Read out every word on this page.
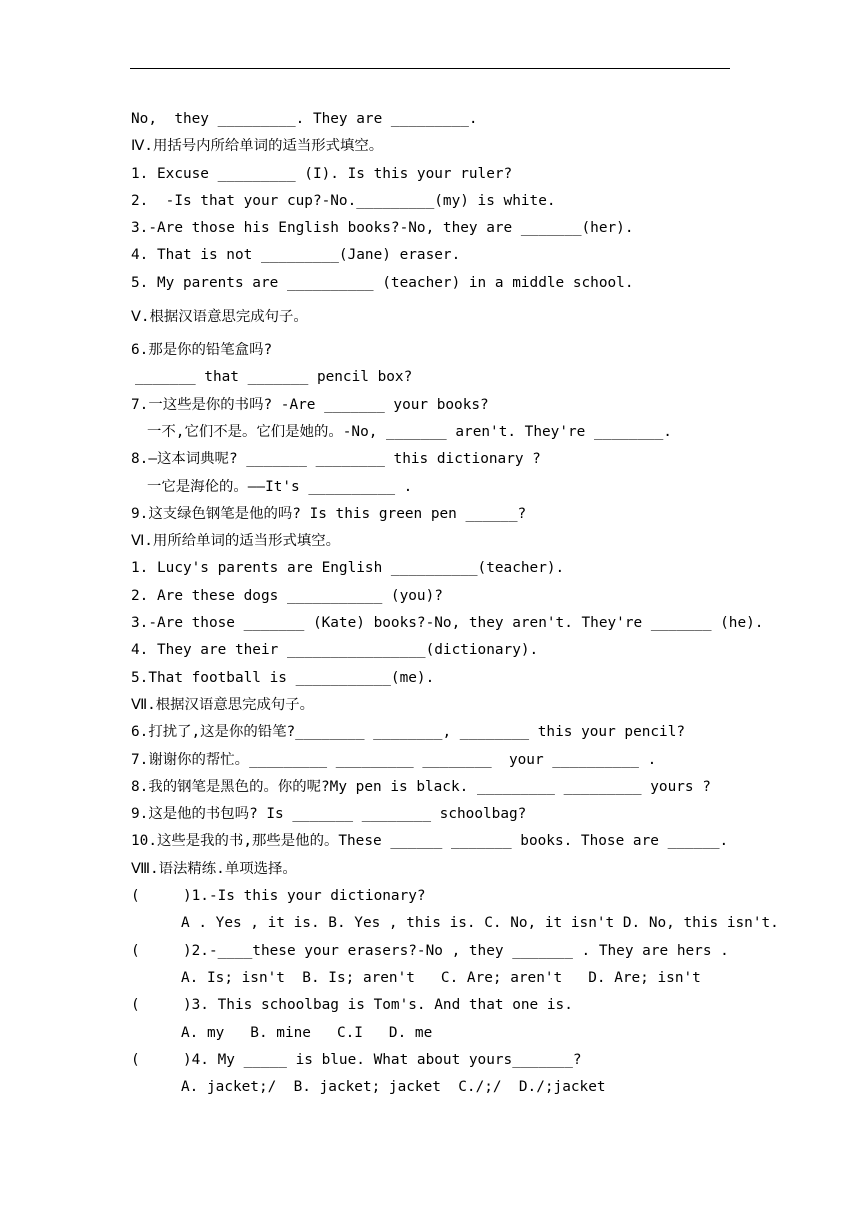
No,  they _________. They are _________.
Ⅳ.用括号内所给单词的适当形式填空。
1. Excuse _________ (I). Is this your ruler?
2.  -Is that your cup?-No._________(my) is white.
3.-Are those his English books?-No, they are _______(her).
4. That is not _________(Jane) eraser.
5. My parents are __________ (teacher) in a middle school.
Ⅴ.根据汉语意思完成句子。
6.那是你的铅笔盒吗?
_______ that _______ pencil box?
7.一这些是你的书吗? -Are _______ your books?
一不,它们不是。它们是她的。-No, _______ aren't. They're ________.
8.—这本词典呢? _______ ________ this dictionary ?
一它是海伦的。——It's __________ .
9.这支绿色钢笔是他的吗? Is this green pen ______?
Ⅵ.用所给单词的适当形式填空。
1. Lucy's parents are English __________(teacher).
2. Are these dogs ___________ (you)?
3.-Are those _______ (Kate) books?-No, they aren't. They're _______ (he).
4. They are their ________________(dictionary).
5.That football is ___________(me).
Ⅶ.根据汉语意思完成句子。
6.打扰了,这是你的铅笔?________ ________, ________ this your pencil?
7.谢谢你的帮忙。_________ _________ ________  your __________ .
8.我的钢笔是黑色的。你的呢?My pen is black. _________ _________ yours ?
9.这是他的书包吗? Is _______ ________ schoolbag?
10.这些是我的书,那些是他的。These ______ _______ books. Those are ______.
Ⅷ.语法精练.单项选择。
(     )1.-Is this your dictionary?
A . Yes , it is. B. Yes , this is. C. No, it isn't D. No, this isn't.
(     )2.-____these your erasers?-No , they _______ . They are hers .
A. Is; isn't  B. Is; aren't   C. Are; aren't   D. Are; isn't
(     )3. This schoolbag is Tom's. And that one is.
A. my   B. mine   C.I   D. me
(     )4. My _____ is blue. What about yours_______?
A. jacket;/  B. jacket; jacket  C./;/  D./;jacket
